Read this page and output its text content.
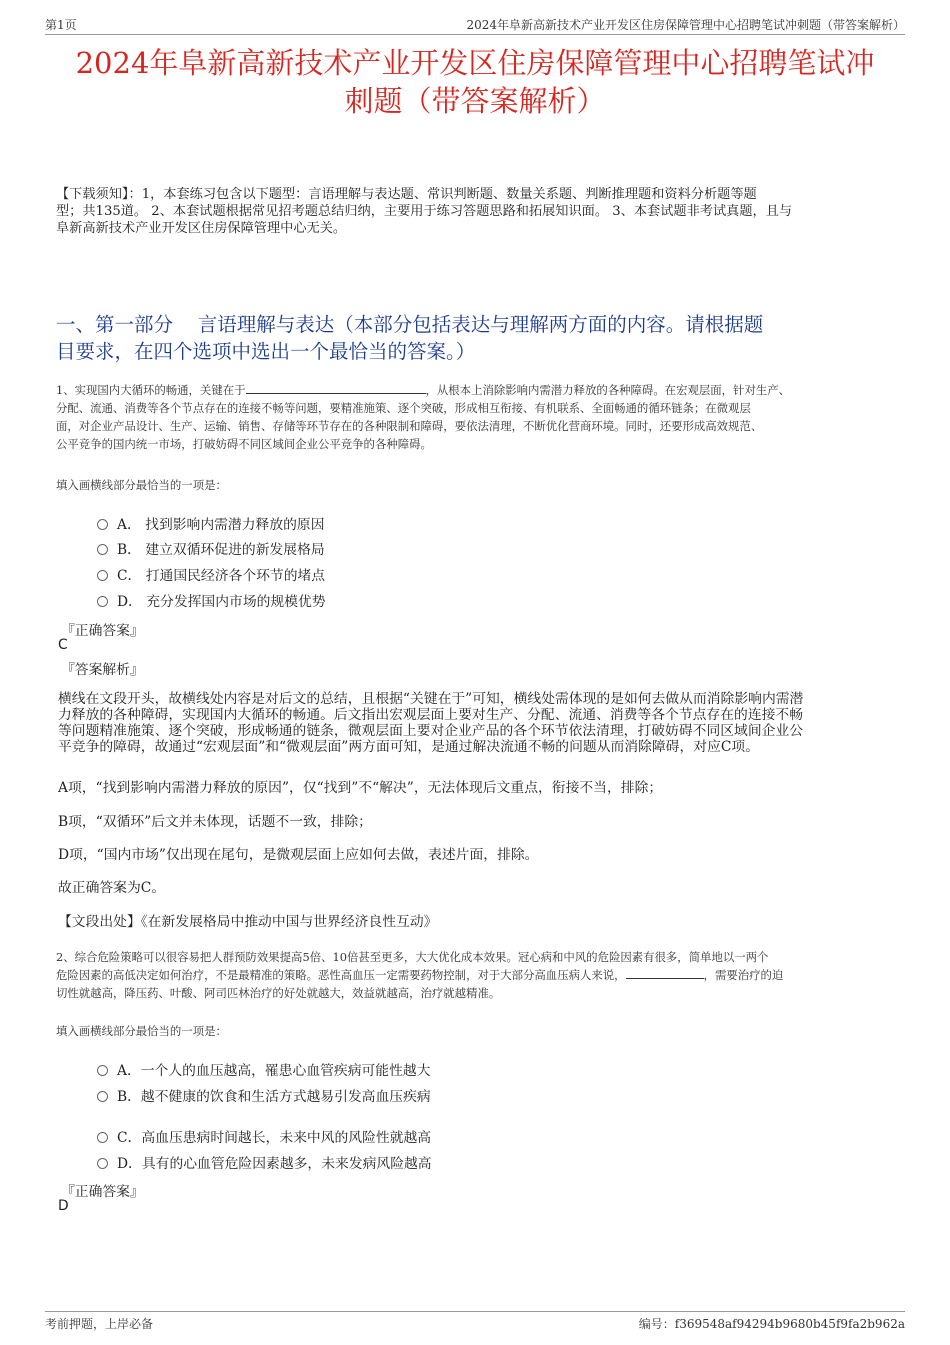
第1页	2024年阜新高新技术产业开发区住房保障管理中心招聘笔试冲刺题（带答案解析）
2024年阜新高新技术产业开发区住房保障管理中心招聘笔试冲
刺题（带答案解析）
【下载须知】：1，本套练习包含以下题型：言语理解与表达题、常识判断题、数量关系题、判断推理题和资料分析题等题
型；共135道。 2、本套试题根据常见招考题总结归纳，主要用于练习答题思路和拓展知识面。 3、本套试题非考试真题，且与
阜新高新技术产业开发区住房保障管理中心无关。
一、第一部分    言语理解与表达（本部分包括表达与理解两方面的内容。请根据题
目要求，在四个选项中选出一个最恰当的答案。）
1、实现国内大循环的畅通，关键在于	，从根本上消除影响内需潜力释放的各种障碍。在宏观层面，针对生产、
分配、流通、消费等各个节点存在的连接不畅等问题，要精准施策、逐个突破，形成相互衔接、有机联系、全面畅通的循环链条；在微观层
面，对企业产品设计、生产、运输、销售、存储等环节存在的各种限制和障碍，要依法清理，不断优化营商环境。同时，还要形成高效规范、
公平竞争的国内统一市场，打破妨碍不同区域间企业公平竞争的各种障碍。
填入画横线部分最恰当的一项是：
A． 找到影响内需潜力释放的原因
B． 建立双循环促进的新发展格局
C． 打通国民经济各个环节的堵点
D． 充分发挥国内市场的规模优势
『正确答案』
C
『答案解析』
横线在文段开头，故横线处内容是对后文的总结，且根据“关键在于”可知，横线处需体现的是如何去做从而消除影响内需潜
力释放的各种障碍，实现国内大循环的畅通。后文指出宏观层面上要对生产、分配、流通、消费等各个节点存在的连接不畅
等问题精准施策、逐个突破，形成畅通的链条，微观层面上要对企业产品的各个环节依法清理，打破妨碍不同区域间企业公
平竞争的障碍，故通过“宏观层面”和“微观层面”两方面可知，是通过解决流通不畅的问题从而消除障碍，对应C项。
A项，“找到影响内需潜力释放的原因”，仅“找到”不“解决”，无法体现后文重点，衔接不当，排除；
B项，“双循环”后文并未体现，话题不一致，排除；
D项，“国内市场”仅出现在尾句，是微观层面上应如何去做，表述片面，排除。
故正确答案为C。
【文段出处】《在新发展格局中推动中国与世界经济良性互动》
2、综合危险策略可以很容易把人群预防效果提高5倍、10倍甚至更多，大大优化成本效果。冠心病和中风的危险因素有很多，简单地以一两个
危险因素的高低决定如何治疗，不是最精准的策略。恶性高血压一定需要药物控制，对于大部分高血压病人来说，	，需要治疗的迫
切性就越高，降压药、叶酸、阿司匹林治疗的好处就越大，效益就越高，治疗就越精准。
填入画横线部分最恰当的一项是：
A．一个人的血压越高，罹患心血管疾病可能性越大
B．越不健康的饮食和生活方式越易引发高血压疾病
C．高血压患病时间越长，未来中风的风险性就越高
D．具有的心血管危险因素越多，未来发病风险越高
『正确答案』
D
考前押题，上岸必备	编号：f369548af94294b9680b45f9fa2b962a
